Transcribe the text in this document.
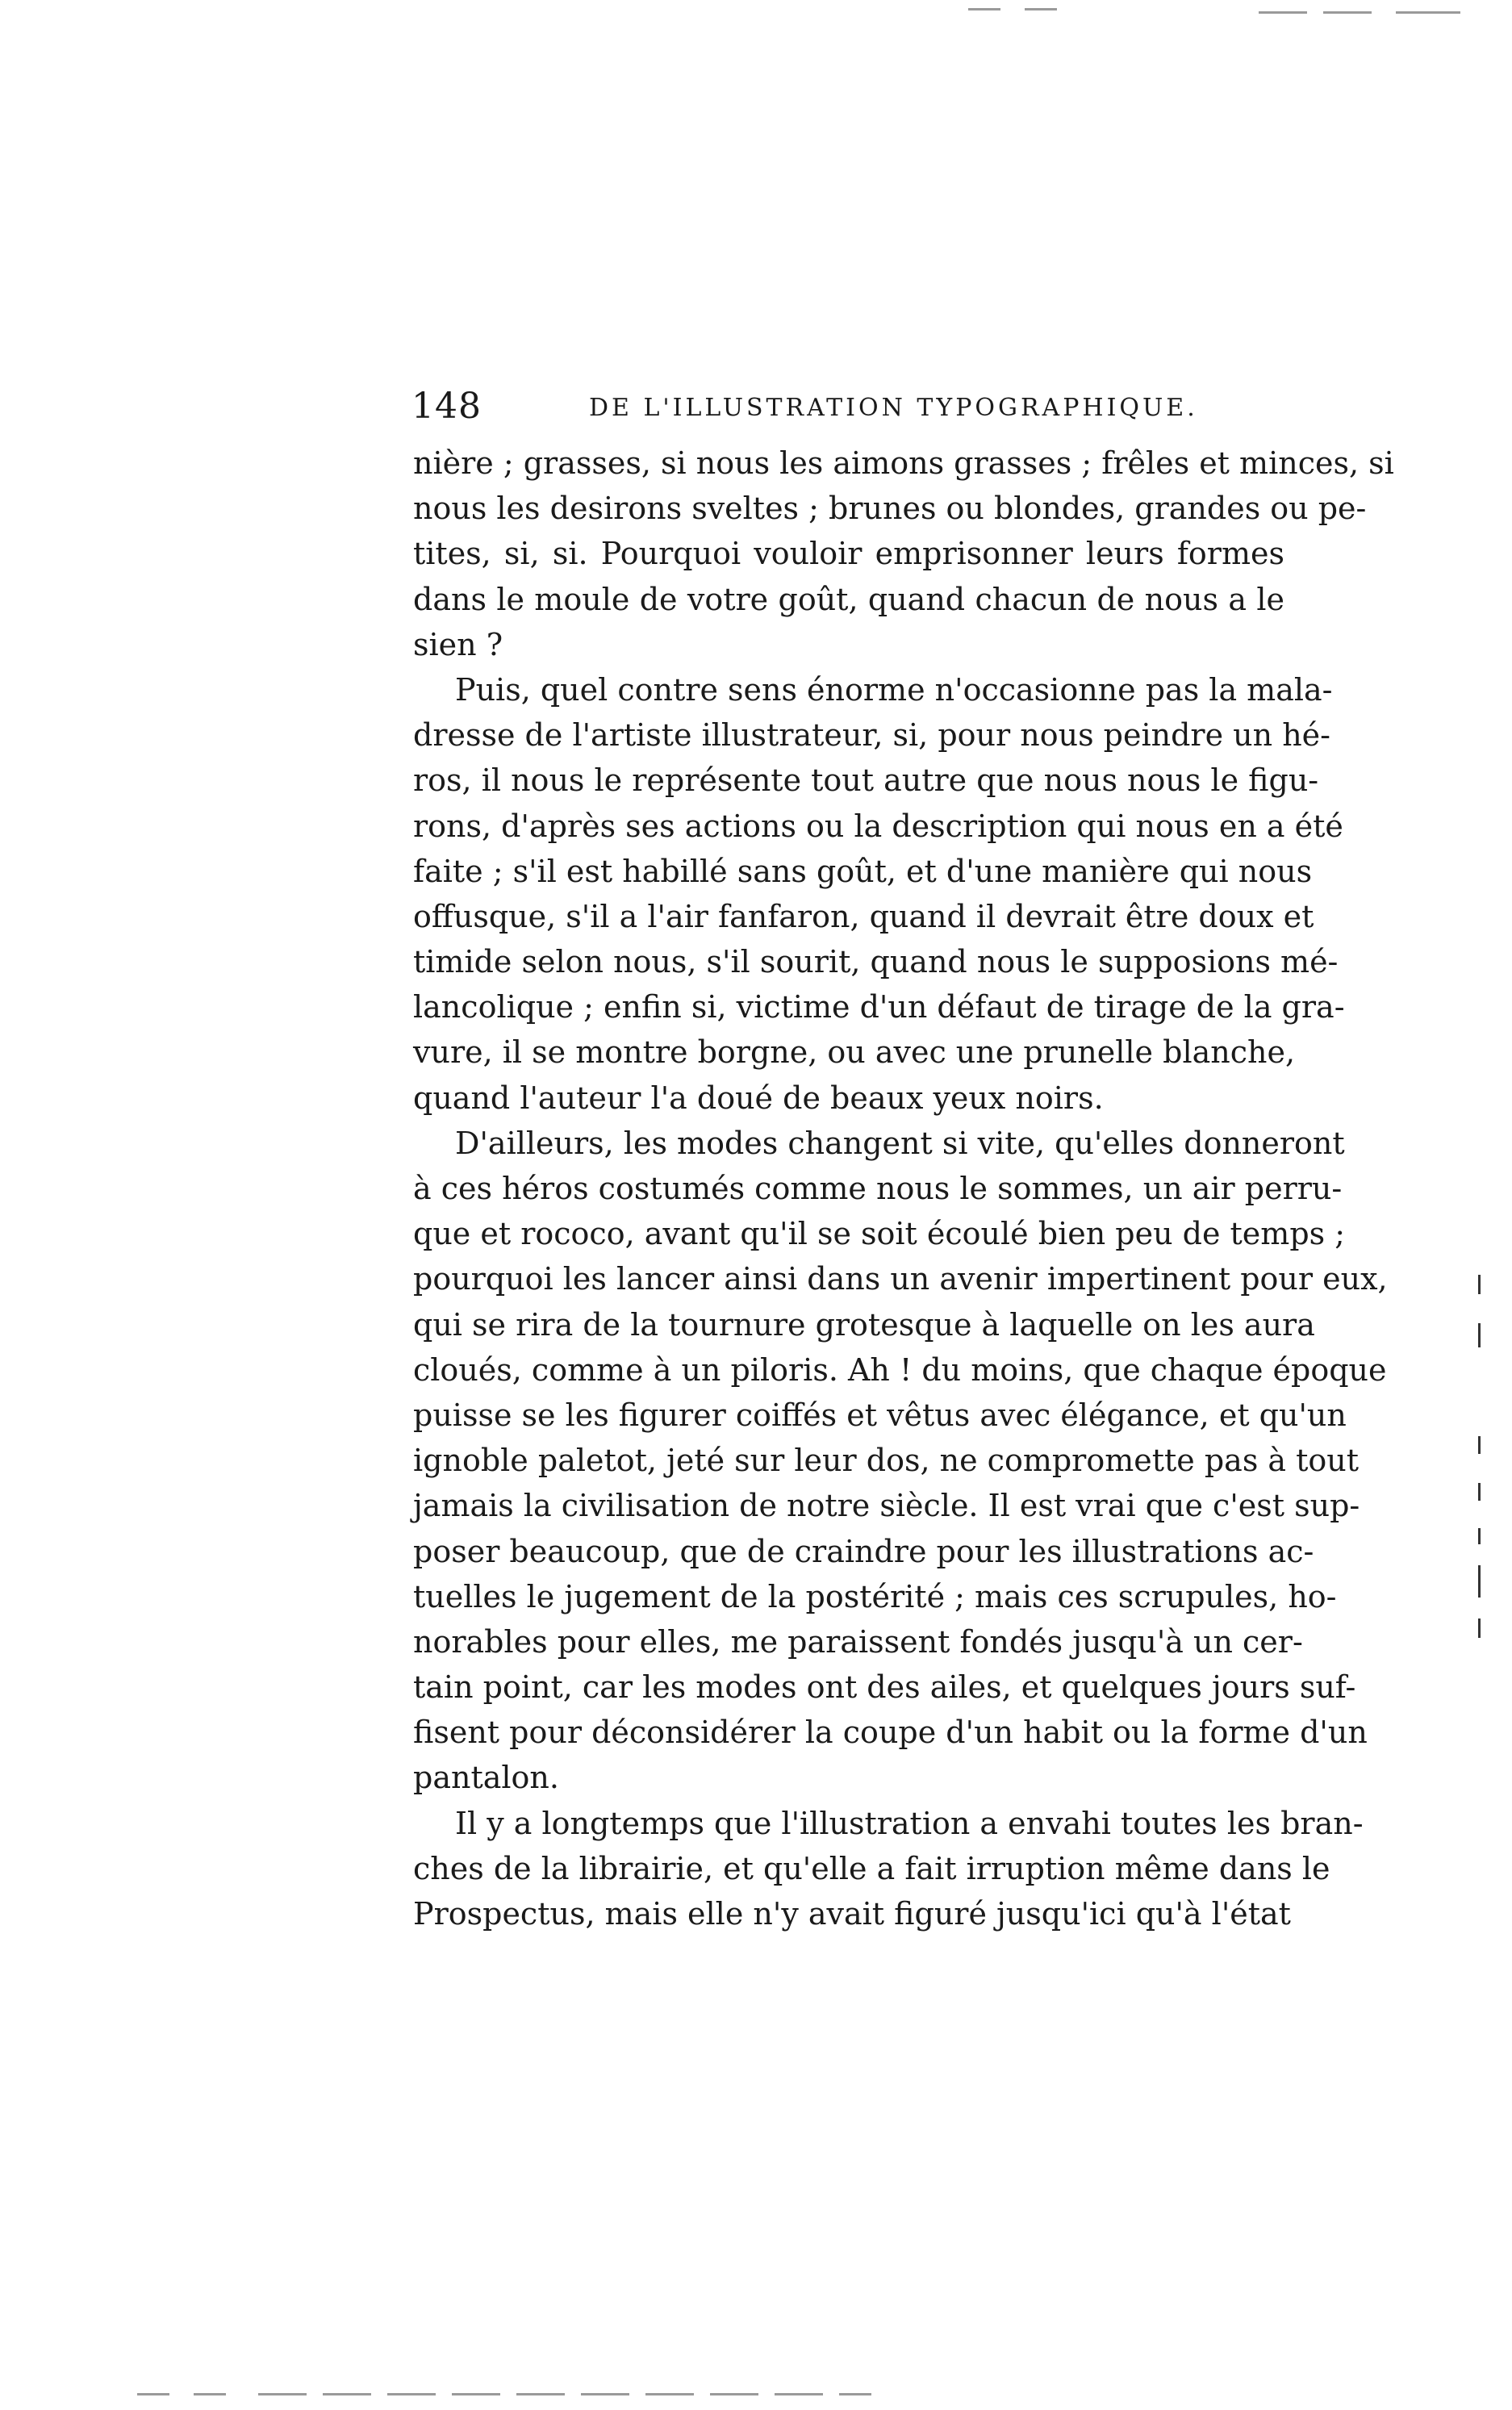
148	DE L'ILLUSTRATION TYPOGRAPHIQUE.
nière ; grasses, si nous les aimons grasses ; frêles et minces, si
nous les desirons sveltes ; brunes ou blondes, grandes ou pe-
tites, si, si. Pourquoi vouloir emprisonner leurs formes
dans le moule de votre goût, quand chacun de nous a le
sien ?
Puis, quel contre sens énorme n'occasionne pas la mala-
dresse de l'artiste illustrateur, si, pour nous peindre un hé-
ros, il nous le représente tout autre que nous nous le figu-
rons, d'après ses actions ou la description qui nous en a été
faite ; s'il est habillé sans goût, et d'une manière qui nous
offusque, s'il a l'air fanfaron, quand il devrait être doux et
timide selon nous, s'il sourit, quand nous le supposions mé-
lancolique ; enfin si, victime d'un défaut de tirage de la gra-
vure, il se montre borgne, ou avec une prunelle blanche,
quand l'auteur l'a doué de beaux yeux noirs.
D'ailleurs, les modes changent si vite, qu'elles donneront
à ces héros costumés comme nous le sommes, un air perru-
que et rococo, avant qu'il se soit écoulé bien peu de temps ;
pourquoi les lancer ainsi dans un avenir impertinent pour eux,
qui se rira de la tournure grotesque à laquelle on les aura
cloués, comme à un piloris. Ah ! du moins, que chaque époque
puisse se les figurer coiffés et vêtus avec élégance, et qu'un
ignoble paletot, jeté sur leur dos, ne compromette pas à tout
jamais la civilisation de notre siècle. Il est vrai que c'est sup-
poser beaucoup, que de craindre pour les illustrations ac-
tuelles le jugement de la postérité ; mais ces scrupules, ho-
norables pour elles, me paraissent fondés jusqu'à un cer-
tain point, car les modes ont des ailes, et quelques jours suf-
fisent pour déconsidérer la coupe d'un habit ou la forme d'un
pantalon.
Il y a longtemps que l'illustration a envahi toutes les bran-
ches de la librairie, et qu'elle a fait irruption même dans le
Prospectus, mais elle n'y avait figuré jusqu'ici qu'à l'état
